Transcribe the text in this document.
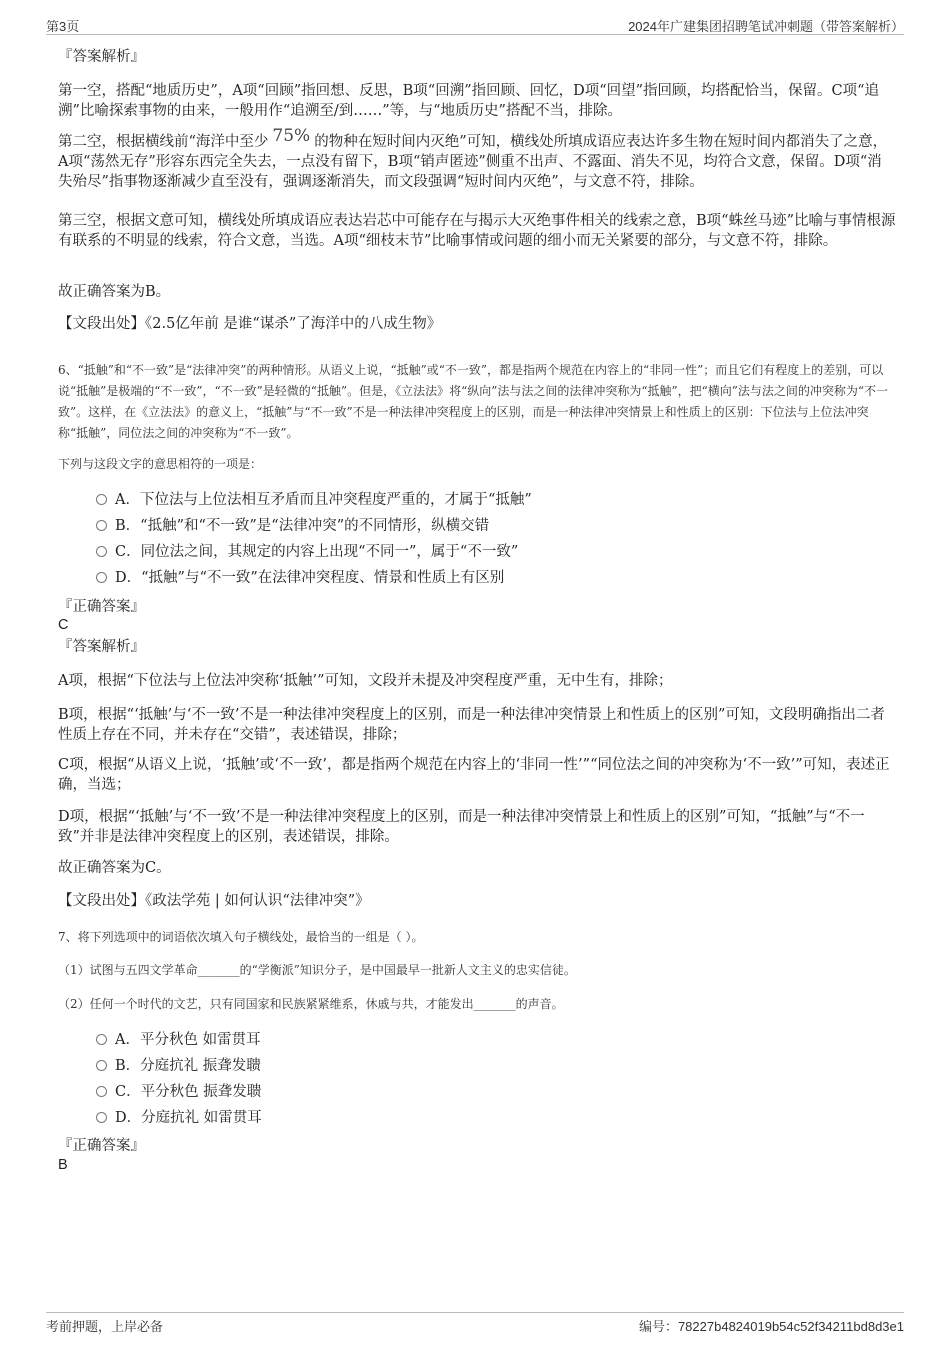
第3页	2024年广建集团招聘笔试冲刺题（带答案解析）
『答案解析』
第一空，搭配“地质历史”，A项“回顾”指回想、反思，B项“回溯”指回顾、回忆，D项“回望”指回顾，均搭配恰当，保留。C项“追溯”比喻探索事物的由来，一般用作“追溯至/到……”等，与“地质历史”搭配不当，排除。
第二空，根据横线前“海洋中至少 75% 的物种在短时间内灭绝”可知，横线处所填成语应表达许多生物在短时间内都消失了之意，A项“荡然无存”形容东西完全失去，一点没有留下，B项“销声匿迹”侧重不出声、不露面、消失不见，均符合文意，保留。D项“消失殆尽”指事物逐渐减少直至没有，强调逐渐消失，而文段强调“短时间内灭绝”，与文意不符，排除。
第三空，根据文意可知，横线处所填成语应表达岩芯中可能存在与揭示大灭绝事件相关的线索之意，B项“蛛丝马迹”比喻与事情根源有联系的不明显的线索，符合文意，当选。A项“细枝末节”比喻事情或问题的细小而无关紧要的部分，与文意不符，排除。
故正确答案为B。
【文段出处】《2.5亿年前 是谁“谋杀”了海洋中的八成生物》
6、“抵触”和“不一致”是“法律冲突”的两种情形。从语义上说，“抵触”或“不一致”，都是指两个规范在内容上的“非同一性”；而且它们有程度上的差别，可以说“抵触”是极端的“不一致”，“不一致”是轻微的“抵触”。但是，《立法法》将“纵向”法与法之间的法律冲突称为“抵触”，把“横向”法与法之间的冲突称为“不一致”。这样，在《立法法》的意义上，“抵触”与“不一致”不是一种法律冲突程度上的区别，而是一种法律冲突情景上和性质上的区别：下位法与上位法冲突称“抵触”，同位法之间的冲突称为“不一致”。
下列与这段文字的意思相符的一项是：
A．下位法与上位法相互矛盾而且冲突程度严重的，才属于“抵触”
B．“抵触”和“不一致”是“法律冲突”的不同情形，纵横交错
C．同位法之间，其规定的内容上出现“不同一”，属于“不一致”
D．“抵触”与“不一致”在法律冲突程度、情景和性质上有区别
『正确答案』
C
『答案解析』
A项，根据“下位法与上位法冲突称‘抵触’”可知，文段并未提及冲突程度严重，无中生有，排除；
B项，根据“‘抵触’与‘不一致’不是一种法律冲突程度上的区别，而是一种法律冲突情景上和性质上的区别”可知，文段明确指出二者性质上存在不同，并未存在“交错”，表述错误，排除；
C项，根据“从语义上说，‘抵触’或‘不一致’，都是指两个规范在内容上的‘非同一性’”“同位法之间的冲突称为‘不一致’”可知，表述正确，当选；
D项，根据“‘抵触’与‘不一致’不是一种法律冲突程度上的区别，而是一种法律冲突情景上和性质上的区别”可知，“抵触”与“不一致”并非是法律冲突程度上的区别，表述错误，排除。
故正确答案为C。
【文段出处】《政法学苑 | 如何认识“法律冲突”》
7、将下列选项中的词语依次填入句子横线处，最恰当的一组是（ ）。
（1）试图与五四文学革命_______的“学衡派”知识分子，是中国最早一批新人文主义的忠实信徒。
（2）任何一个时代的文艺，只有同国家和民族紧紧维系，休戚与共，才能发出_______的声音。
A．平分秋色 如雷贯耳
B．分庭抗礼 振聋发聩
C．平分秋色 振聋发聩
D．分庭抗礼 如雷贯耳
『正确答案』
B
考前押题，上岸必备	编号：78227b4824019b54c52f34211bd8d3e1
